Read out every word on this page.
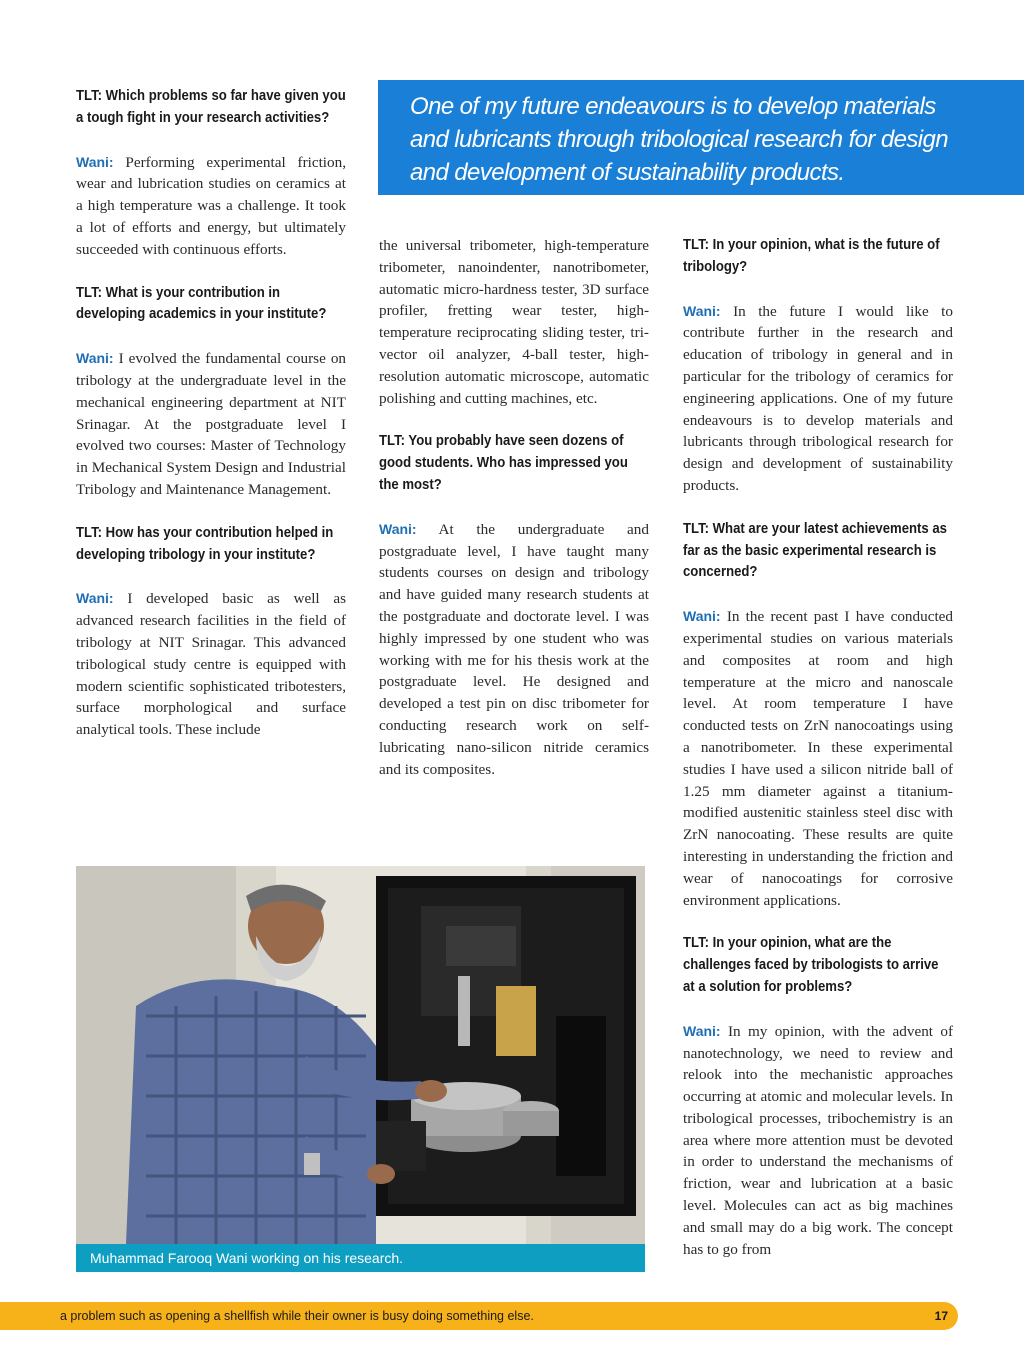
TLT: Which problems so far have given you a tough fight in your research activities?
Wani: Performing experimental friction, wear and lubrication studies on ceramics at a high temperature was a challenge. It took a lot of efforts and energy, but ultimately succeeded with continuous efforts.
TLT: What is your contribution in developing academics in your institute?
Wani: I evolved the fundamental course on tribology at the undergraduate level in the mechanical engineering department at NIT Srinagar. At the postgraduate level I evolved two courses: Master of Technology in Mechanical System Design and Industrial Tribology and Maintenance Management.
TLT: How has your contribution helped in developing tribology in your institute?
Wani: I developed basic as well as advanced research facilities in the field of tribology at NIT Srinagar. This advanced tribological study centre is equipped with modern scientific sophisticated tribotesters, surface morphological and surface analytical tools. These include
One of my future endeavours is to develop materials and lubricants through tribological research for design and development of sustainability products.
the universal tribometer, high-temperature tribometer, nanoindenter, nanotribometer, automatic micro-hardness tester, 3D surface profiler, fretting wear tester, high-temperature reciprocating sliding tester, tri-vector oil analyzer, 4-ball tester, high-resolution automatic microscope, automatic polishing and cutting machines, etc.
TLT: You probably have seen dozens of good students. Who has impressed you the most?
Wani: At the undergraduate and postgraduate level, I have taught many students courses on design and tribology and have guided many research students at the postgraduate and doctorate level. I was highly impressed by one student who was working with me for his thesis work at the postgraduate level. He designed and developed a test pin on disc tribometer for conducting research work on self-lubricating nano-silicon nitride ceramics and its composites.
TLT: In your opinion, what is the future of tribology?
Wani: In the future I would like to contribute further in the research and education of tribology in general and in particular for the tribology of ceramics for engineering applications. One of my future endeavours is to develop materials and lubricants through tribological research for design and development of sustainability products.
TLT: What are your latest achievements as far as the basic experimental research is concerned?
Wani: In the recent past I have conducted experimental studies on various materials and composites at room and high temperature at the micro and nanoscale level. At room temperature I have conducted tests on ZrN nanocoatings using a nanotribometer. In these experimental studies I have used a silicon nitride ball of 1.25 mm diameter against a titanium-modified austenitic stainless steel disc with ZrN nanocoating. These results are quite interesting in understanding the friction and wear of nanocoatings for corrosive environment applications.
TLT: In your opinion, what are the challenges faced by tribologists to arrive at a solution for problems?
Wani: In my opinion, with the advent of nanotechnology, we need to review and relook into the mechanistic approaches occurring at atomic and molecular levels. In tribological processes, tribochemistry is an area where more attention must be devoted in order to understand the mechanisms of friction, wear and lubrication at a basic level. Molecules can act as big machines and small may do a big work. The concept has to go from
Muhammad Farooq Wani working on his research.
a problem such as opening a shellfish while their owner is busy doing something else.	17
